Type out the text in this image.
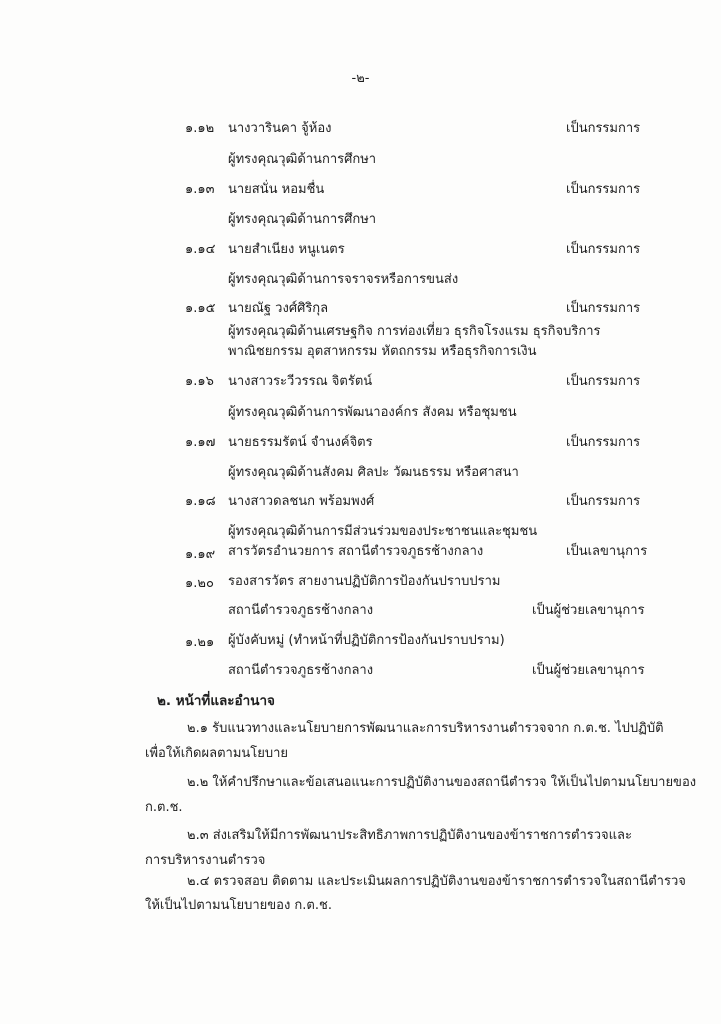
-๒-
๑.๑๒ นางวารินคา จู้ห้อง	เป็นกรรมการ
ผู้ทรงคุณวุฒิด้านการศึกษา
๑.๑๓ นายสนั่น หอมชื่น	เป็นกรรมการ
ผู้ทรงคุณวุฒิด้านการศึกษา
๑.๑๔ นายสำเนียง หนูเนตร	เป็นกรรมการ
ผู้ทรงคุณวุฒิด้านการจราจรหรือการขนส่ง
๑.๑๕ นายณัฐ วงศ์ศิริกุล	เป็นกรรมการ
ผู้ทรงคุณวุฒิด้านเศรษฐกิจ การท่องเที่ยว ธุรกิจโรงแรม ธุรกิจบริการ
พาณิชยกรรม อุตสาหกรรม หัตถกรรม หรือธุรกิจการเงิน
๑.๑๖ นางสาวระวีวรรณ จิตรัตน์	เป็นกรรมการ
ผู้ทรงคุณวุฒิด้านการพัฒนาองค์กร สังคม หรือชุมชน
๑.๑๗ นายธรรมรัตน์ จำนงค์จิตร	เป็นกรรมการ
ผู้ทรงคุณวุฒิด้านสังคม ศิลปะ วัฒนธรรม หรือศาสนา
๑.๑๘ นางสาวดลชนก พร้อมพงศ์	เป็นกรรมการ
ผู้ทรงคุณวุฒิด้านการมีส่วนร่วมของประชาชนและชุมชน
๑.๑๙ สารวัตรอำนวยการ สถานีตำรวจภูธรช้างกลาง	เป็นเลขานุการ
๑.๒๐ รองสารวัตร สายงานปฏิบัติการป้องกันปราบปราม
สถานีตำรวจภูธรช้างกลาง	เป็นผู้ช่วยเลขานุการ
๑.๒๑ ผู้บังคับหมู่ (ทำหน้าที่ปฏิบัติการป้องกันปราบปราม)
สถานีตำรวจภูธรช้างกลาง	เป็นผู้ช่วยเลขานุการ
๒. หน้าที่และอำนาจ
๒.๑ รับแนวทางและนโยบายการพัฒนาและการบริหารงานตำรวจจาก ก.ต.ช. ไปปฏิบัติ
เพื่อให้เกิดผลตามนโยบาย
๒.๒ ให้คำปรึกษาและข้อเสนอแนะการปฏิบัติงานของสถานีตำรวจ ให้เป็นไปตามนโยบายของ
ก.ต.ช.
๒.๓ ส่งเสริมให้มีการพัฒนาประสิทธิภาพการปฏิบัติงานของข้าราชการตำรวจและ
การบริหารงานตำรวจ
๒.๔ ตรวจสอบ ติดตาม และประเมินผลการปฏิบัติงานของข้าราชการตำรวจในสถานีตำรวจ
ให้เป็นไปตามนโยบายของ ก.ต.ช.
